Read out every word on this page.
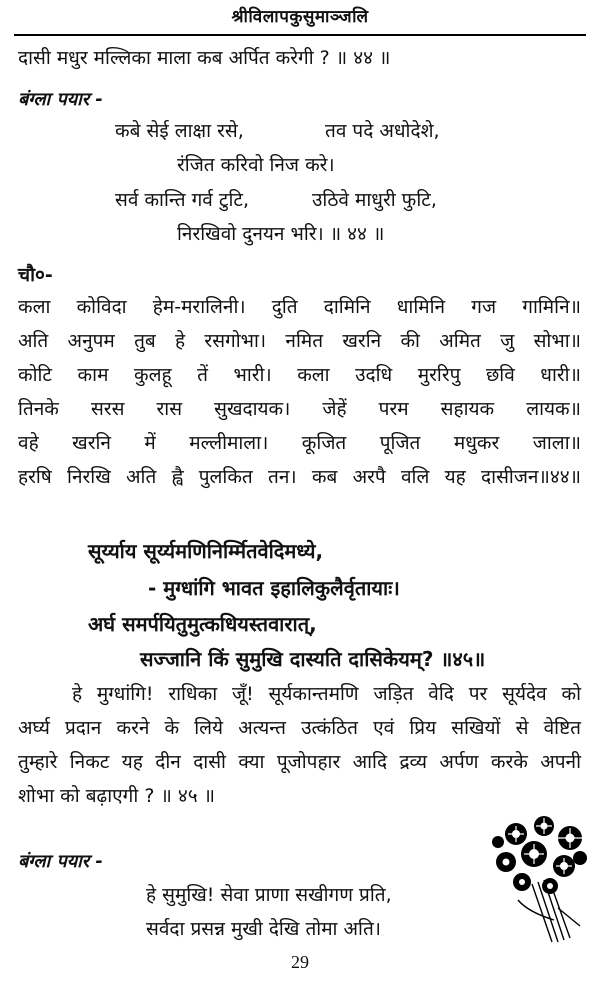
श्रीविलापकुसुमाञ्जलि
दासी मधुर मल्लिका माला कब अर्पित करेगी ? ॥ ४४ ॥
बंग्ला पयार -
कबे सेई लाक्षा रसे,	तव पदे अधोदेशे,
रंजित करिवो निज करे।
सर्व कान्ति गर्व टुटि,	उठिवे माधुरी फुटि,
निरखिवो दुनयन भरि। ॥ ४४ ॥
चौ०-
कला कोविदा हेम-मरालिनी। दुति दामिनि धामिनि गज गामिनि॥
अति अनुपम तुब हे रसगोभा। नमित खरनि की अमित जु सोभा॥
कोटि काम कुलहू तें भारी। कला उदधि मुररिपु छवि धारी॥
तिनके सरस रास सुखदायक। जेहें परम सहायक लायक॥
वहे खरनि में मल्लीमाला। कूजित पूजित मधुकर जाला॥
हरषि निरखि अति ह्वै पुलकित तन। कब अरपै वलि यह दासीजन॥४४॥
सूर्य्याय सूर्य्यमणिनिर्म्मितवेदिमध्ये,
- मुग्धांगि भावत इहालिकुलैर्वृतायाः।
अर्घ समर्पयितुमुत्कधियस्तवारात्,
सज्जानि किं सुमुखि दास्यति दासिकेयम्? ॥४५॥
हे मुग्धांगि! राधिका जूँ! सूर्यकान्तमणि जड़ित वेदि पर सूर्यदेव को
अर्घ्य प्रदान करने के लिये अत्यन्त उत्कंठित एवं प्रिय सखियों से वेष्टित
तुम्हारे निकट यह दीन दासी क्या पूजोपहार आदि द्रव्य अर्पण करके अपनी
शोभा को बढ़ाएगी ? ॥ ४५ ॥
बंग्ला पयार -
हे सुमुखि! सेवा प्राणा सखीगण प्रति,
सर्वदा प्रसन्न मुखी देखि तोमा अति।
29
